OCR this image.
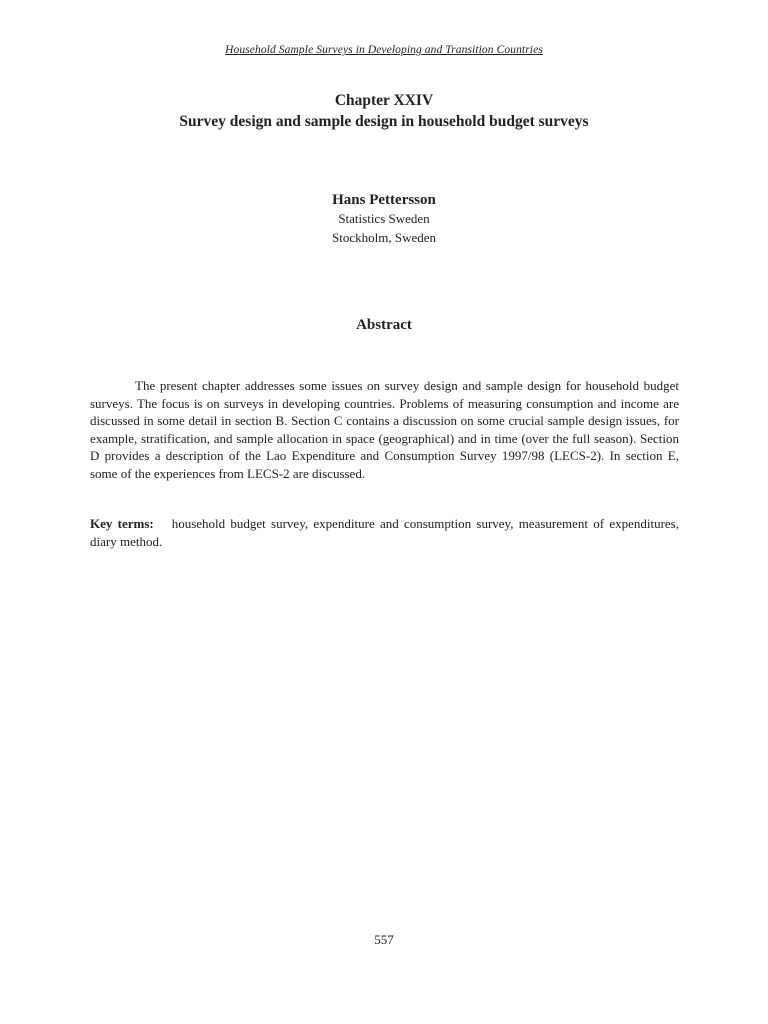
Household Sample Surveys in Developing and Transition Countries
Chapter XXIV
Survey design and sample design in household budget surveys
Hans Pettersson
Statistics Sweden
Stockholm, Sweden
Abstract

The present chapter addresses some issues on survey design and sample design for household budget surveys. The focus is on surveys in developing countries. Problems of measuring consumption and income are discussed in some detail in section B. Section C contains a discussion on some crucial sample design issues, for example, stratification, and sample allocation in space (geographical) and in time (over the full season). Section D provides a description of the Lao Expenditure and Consumption Survey 1997/98 (LECS-2). In section E, some of the experiences from LECS-2 are discussed.

Key terms: household budget survey, expenditure and consumption survey, measurement of expenditures, diary method.

557
